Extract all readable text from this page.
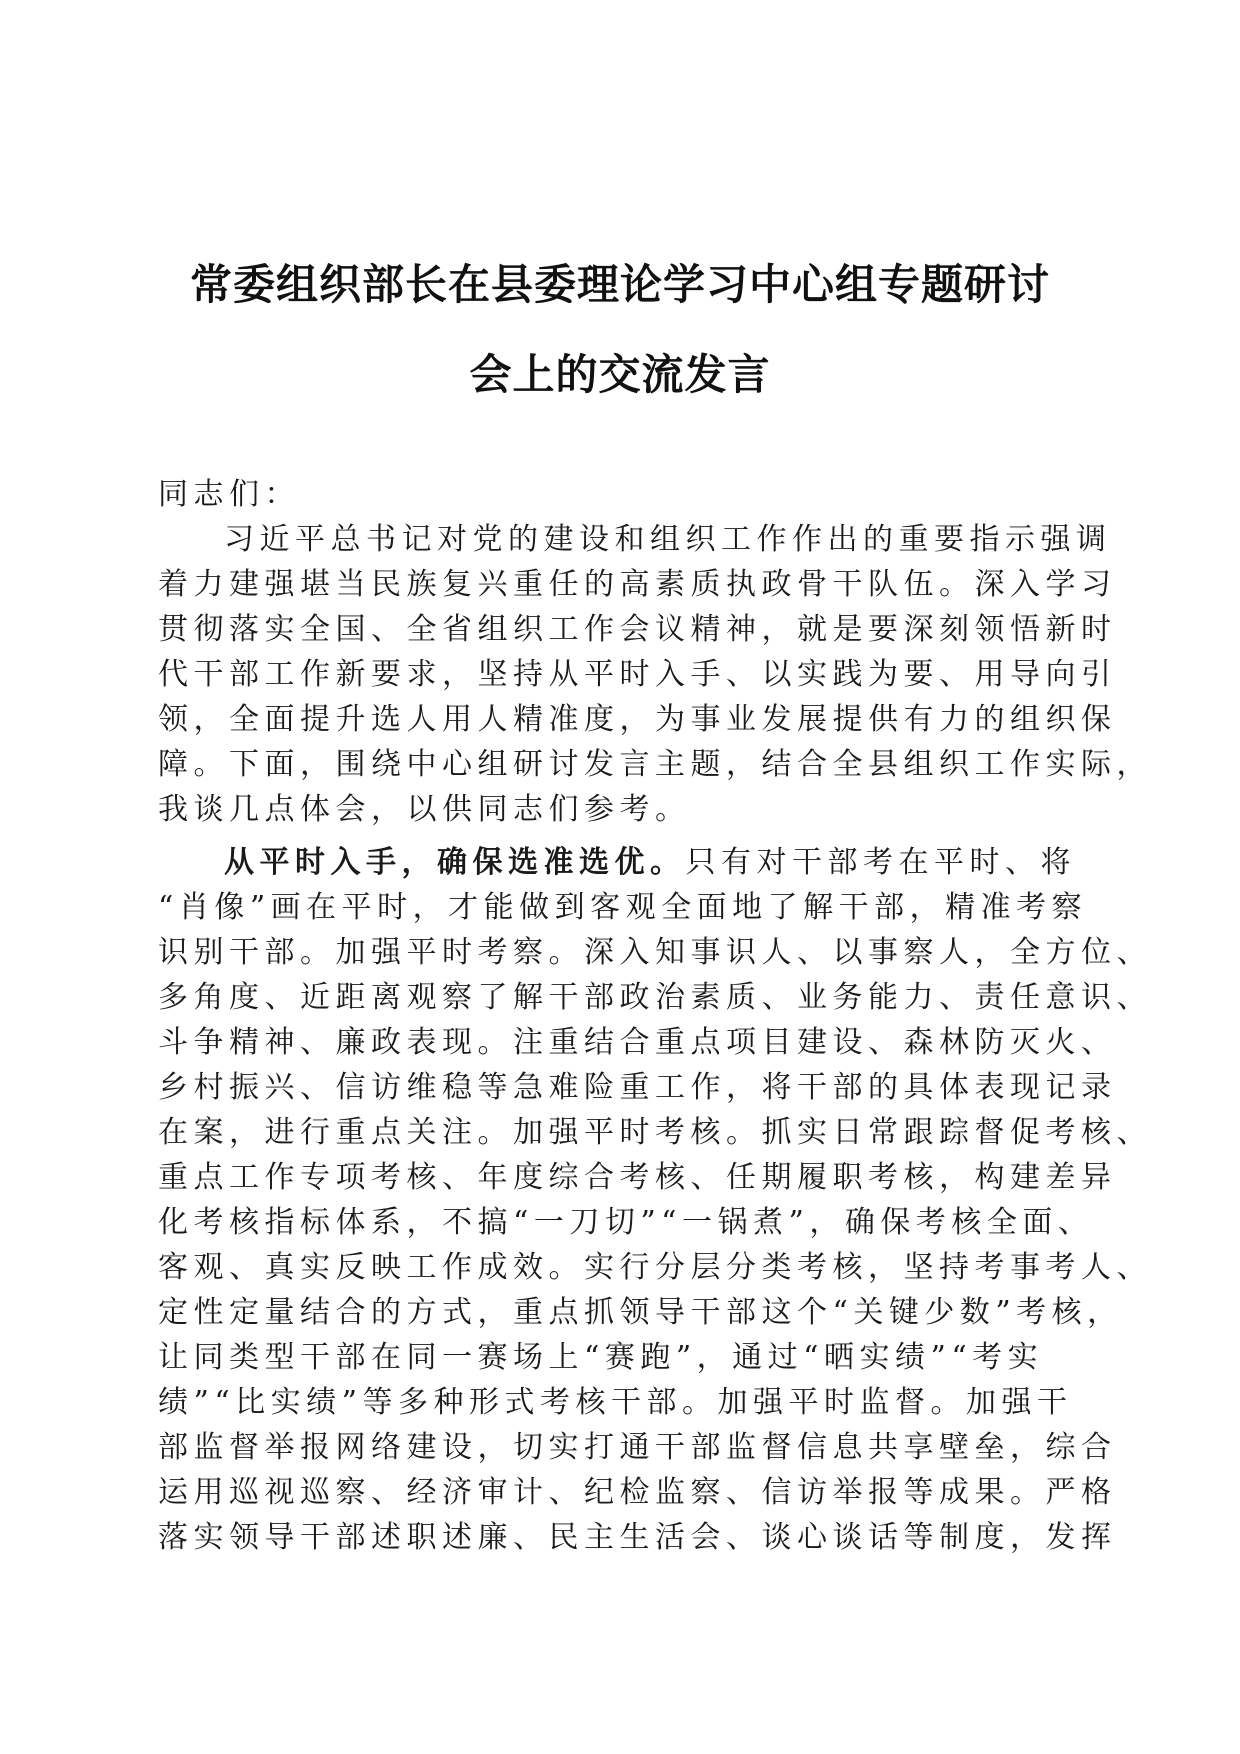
常委组织部长在县委理论学习中心组专题研讨
会上的交流发言
同志们：
习近平总书记对党的建设和组织工作作出的重要指示强调
着力建强堪当民族复兴重任的高素质执政骨干队伍。深入学习
贯彻落实全国、全省组织工作会议精神，就是要深刻领悟新时
代干部工作新要求，坚持从平时入手、以实践为要、用导向引
领，全面提升选人用人精准度，为事业发展提供有力的组织保
障。下面，围绕中心组研讨发言主题，结合全县组织工作实际，
我谈几点体会，以供同志们参考。
从平时入手，确保选准选优。只有对干部考在平时、将
“肖像”画在平时，才能做到客观全面地了解干部，精准考察
识别干部。加强平时考察。深入知事识人、以事察人，全方位、
多角度、近距离观察了解干部政治素质、业务能力、责任意识、
斗争精神、廉政表现。注重结合重点项目建设、森林防灭火、
乡村振兴、信访维稳等急难险重工作，将干部的具体表现记录
在案，进行重点关注。加强平时考核。抓实日常跟踪督促考核、
重点工作专项考核、年度综合考核、任期履职考核，构建差异
化考核指标体系，不搞“一刀切”“一锅煮”，确保考核全面、
客观、真实反映工作成效。实行分层分类考核，坚持考事考人、
定性定量结合的方式，重点抓领导干部这个“关键少数”考核，
让同类型干部在同一赛场上“赛跑”，通过“晒实绩”“考实
绩”“比实绩”等多种形式考核干部。加强平时监督。加强干
部监督举报网络建设，切实打通干部监督信息共享壁垒，综合
运用巡视巡察、经济审计、纪检监察、信访举报等成果。严格
落实领导干部述职述廉、民主生活会、谈心谈话等制度，发挥
